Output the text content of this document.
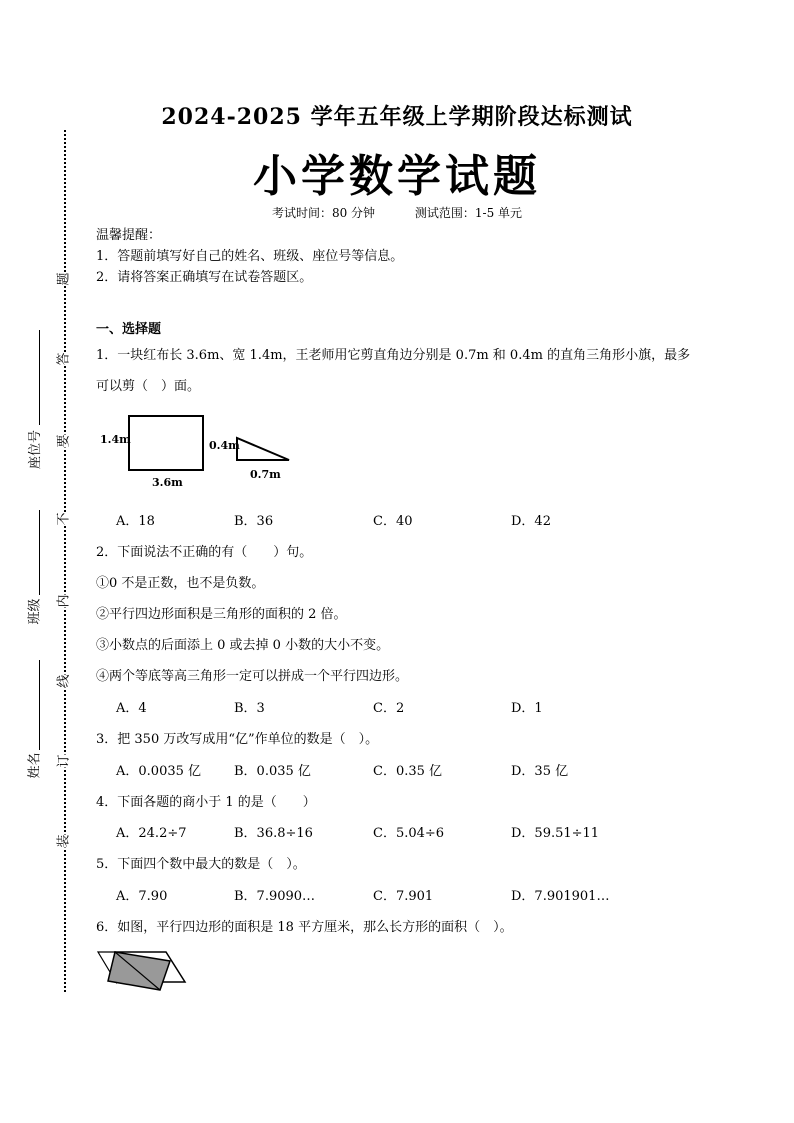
题
答
要
不
内
线
订
装
座位号
班级
姓名
2024-2025 学年五年级上学期阶段达标测试
小学数学试题
考试时间：80 分钟	测试范围：1-5 单元
温馨提醒：
1．答题前填写好自己的姓名、班级、座位号等信息。
2．请将答案正确填写在试卷答题区。
一、选择题
1．一块红布长 3.6m、宽 1.4m，王老师用它剪直角边分别是 0.7m 和 0.4m 的直角三角形小旗，最多
可以剪（　）面。
1.4m
3.6m
0.4m
0.7m
A．18	B．36	C．40	D．42
2．下面说法不正确的有（　　）句。
①0 不是正数，也不是负数。
②平行四边形面积是三角形的面积的 2 倍。
③小数点的后面添上 0 或去掉 0 小数的大小不变。
④两个等底等高三角形一定可以拼成一个平行四边形。
A．4	B．3	C．2	D．1
3．把 350 万改写成用“亿”作单位的数是（　）。
A．0.0035 亿	B．0.035 亿	C．0.35 亿	D．35 亿
4．下面各题的商小于 1 的是（　　）
A．24.2÷7	B．36.8÷16	C．5.04÷6	D．59.51÷11
5．下面四个数中最大的数是（　）。
A．7.90	B．7.9090…	C．7.901	D．7.901901…
6．如图，平行四边形的面积是 18 平方厘米，那么长方形的面积（　）。
